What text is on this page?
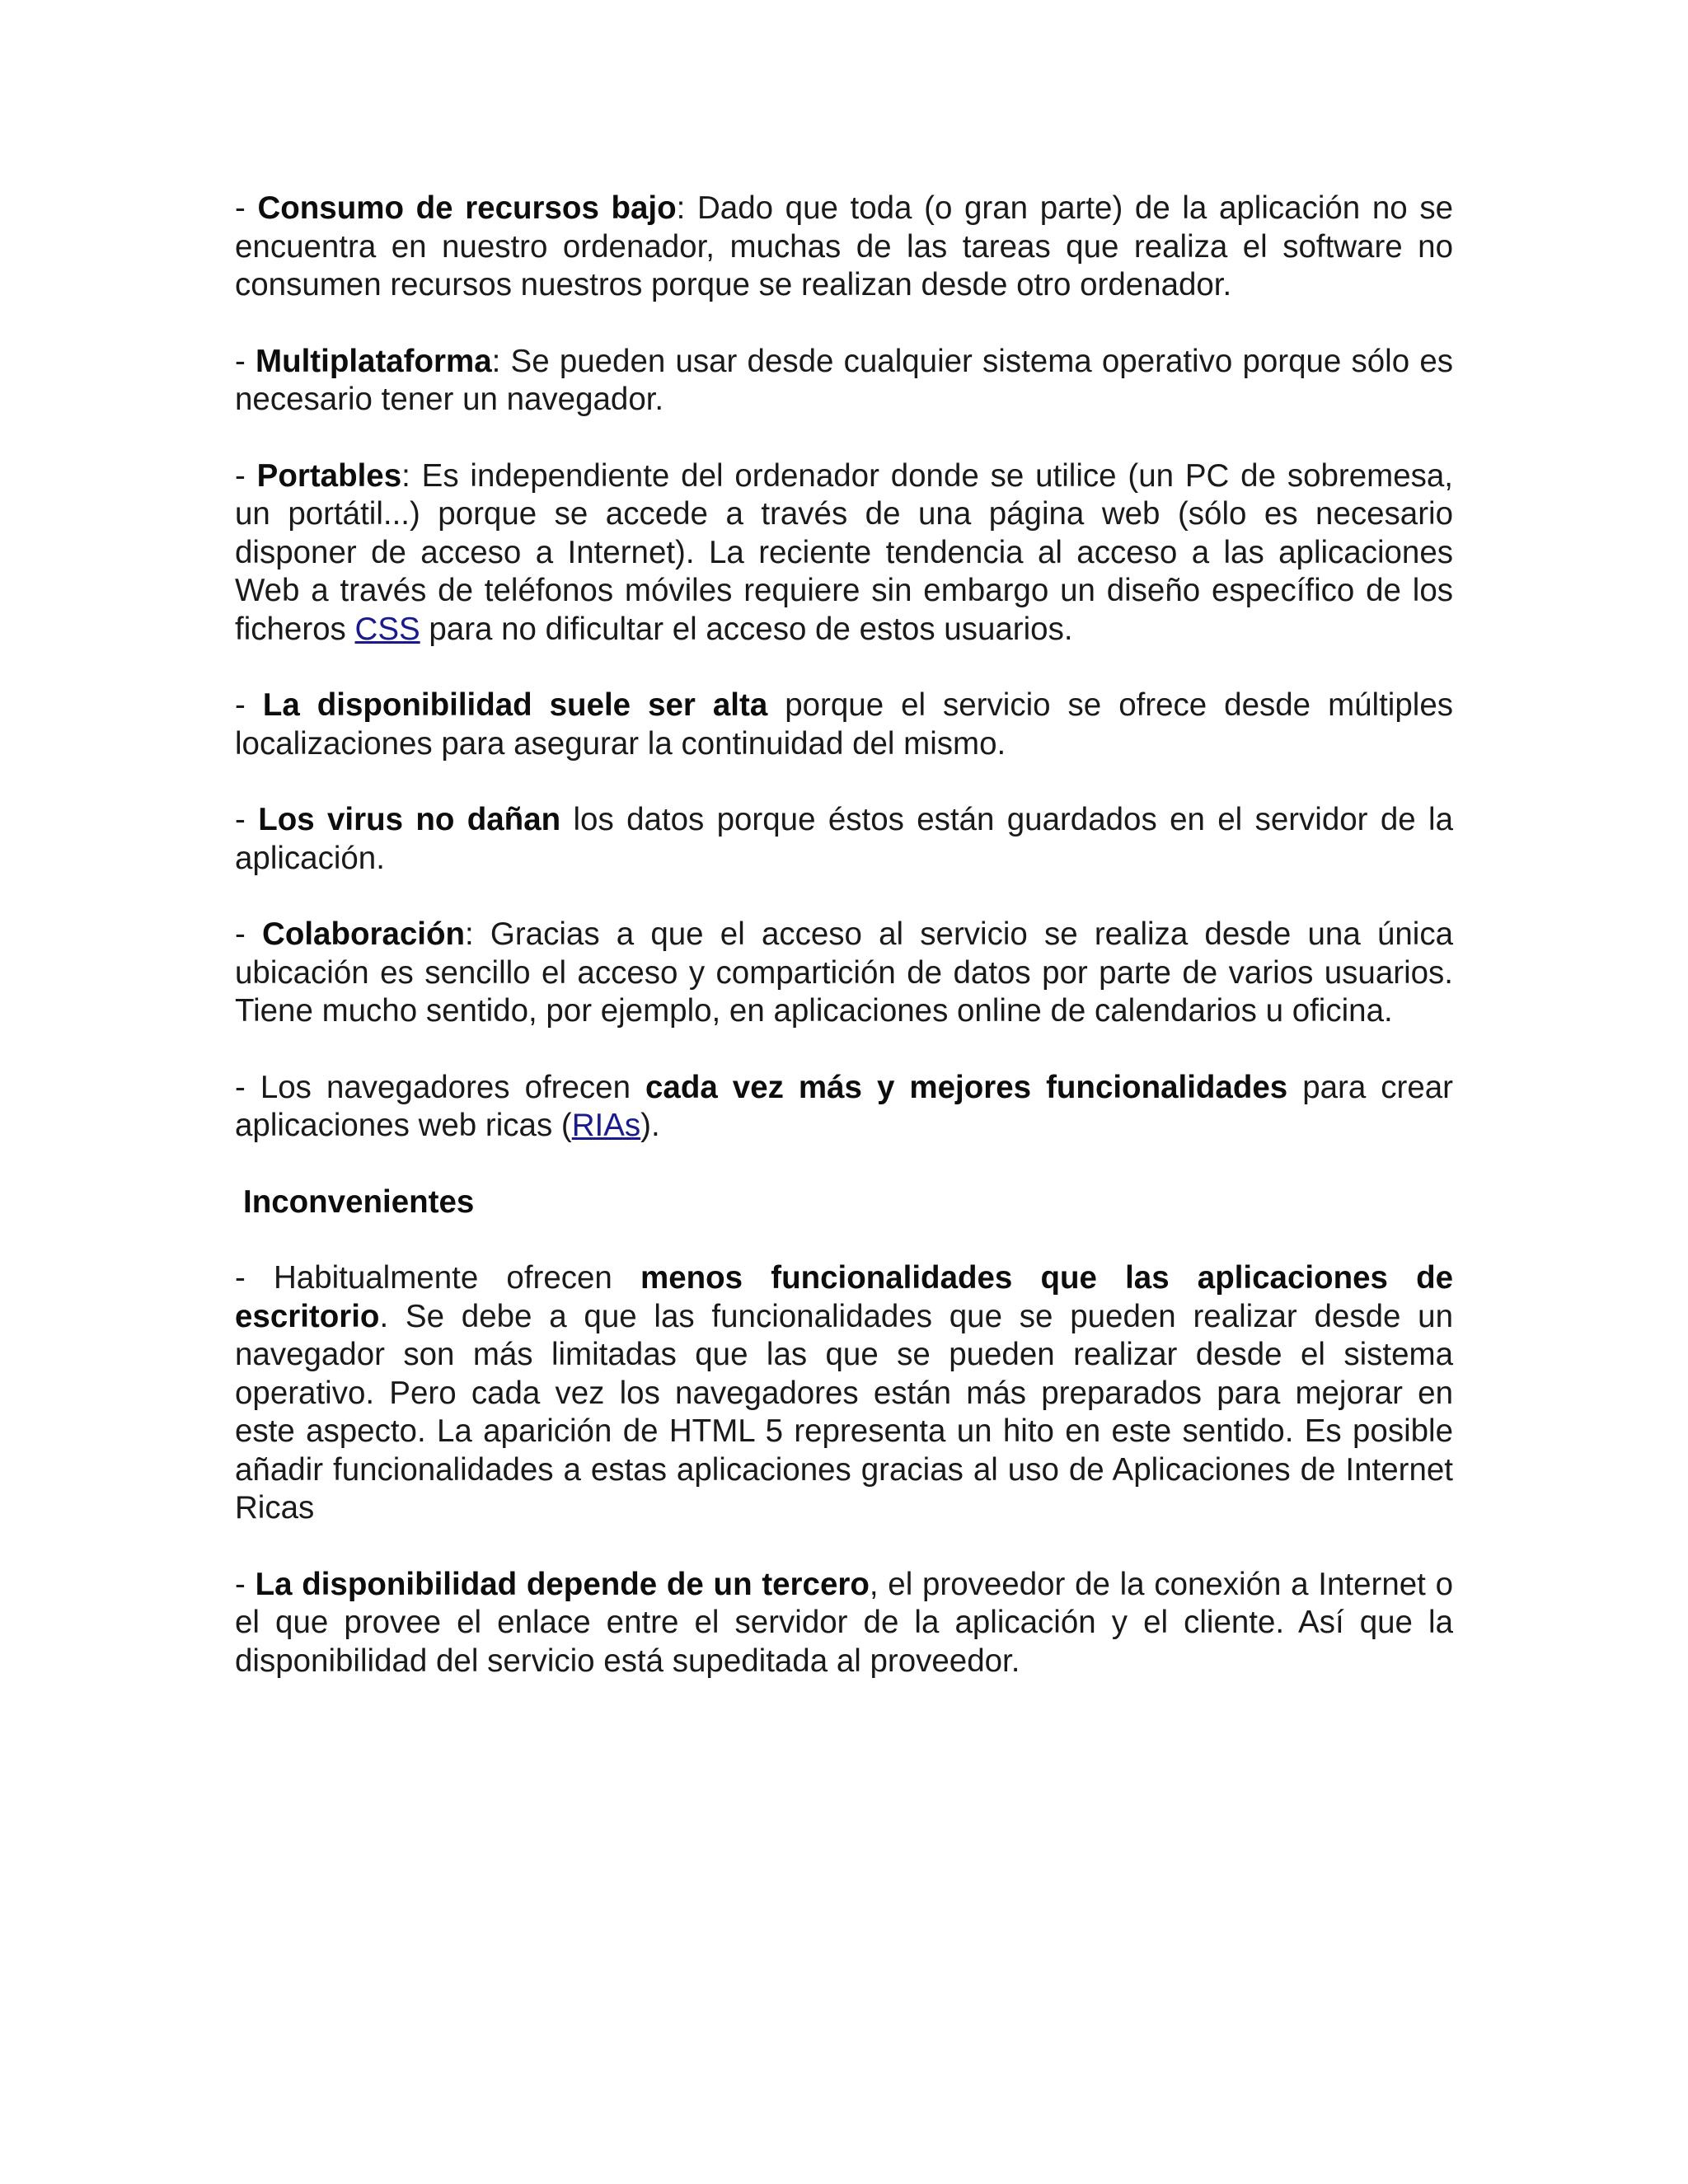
- Consumo de recursos bajo: Dado que toda (o gran parte) de la aplicación no se encuentra en nuestro ordenador, muchas de las tareas que realiza el software no consumen recursos nuestros porque se realizan desde otro ordenador.

- Multiplataforma: Se pueden usar desde cualquier sistema operativo porque sólo es necesario tener un navegador.

- Portables: Es independiente del ordenador donde se utilice (un PC de sobremesa, un portátil...) porque se accede a través de una página web (sólo es necesario disponer de acceso a Internet). La reciente tendencia al acceso a las aplicaciones Web a través de teléfonos móviles requiere sin embargo un diseño específico de los ficheros CSS para no dificultar el acceso de estos usuarios.

- La disponibilidad suele ser alta porque el servicio se ofrece desde múltiples localizaciones para asegurar la continuidad del mismo.

- Los virus no dañan los datos porque éstos están guardados en el servidor de la aplicación.

- Colaboración: Gracias a que el acceso al servicio se realiza desde una única ubicación es sencillo el acceso y compartición de datos por parte de varios usuarios. Tiene mucho sentido, por ejemplo, en aplicaciones online de calendarios u oficina.

- Los navegadores ofrecen cada vez más y mejores funcionalidades para crear aplicaciones web ricas (RIAs).

Inconvenientes

- Habitualmente ofrecen menos funcionalidades que las aplicaciones de escritorio. Se debe a que las funcionalidades que se pueden realizar desde un navegador son más limitadas que las que se pueden realizar desde el sistema operativo. Pero cada vez los navegadores están más preparados para mejorar en este aspecto. La aparición de HTML 5 representa un hito en este sentido. Es posible añadir funcionalidades a estas aplicaciones gracias al uso de Aplicaciones de Internet Ricas

- La disponibilidad depende de un tercero, el proveedor de la conexión a Internet o el que provee el enlace entre el servidor de la aplicación y el cliente. Así que la disponibilidad del servicio está supeditada al proveedor.
